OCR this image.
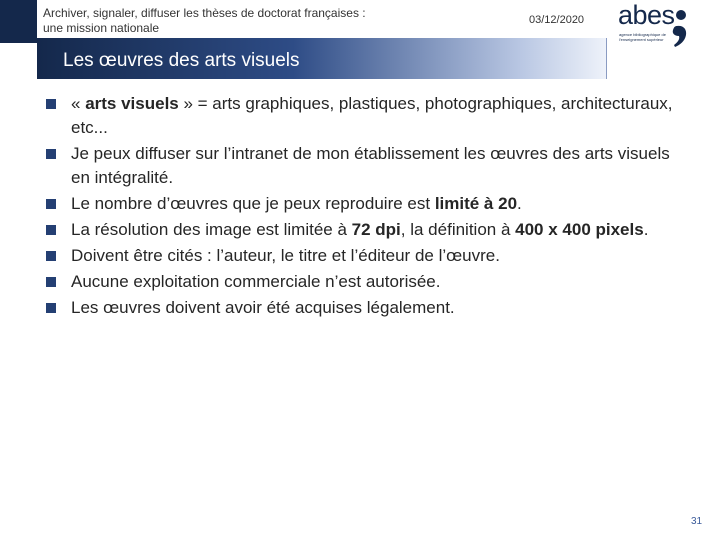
Archiver, signaler, diffuser les thèses de doctorat françaises :
une mission nationale
03/12/2020 abes
agence bibliographique de l'enseignement supérieur
Les œuvres des arts visuels
« arts visuels » = arts graphiques, plastiques, photographiques, architecturaux, etc...
Je peux diffuser sur l’intranet de mon établissement les œuvres des arts visuels en intégralité.
Le nombre d’œuvres que je peux reproduire est limité à 20.
La résolution des image est limitée à 72 dpi, la définition à 400 x 400 pixels.
Doivent être cités : l’auteur, le titre et l’éditeur de l’œuvre.
Aucune exploitation commerciale n’est autorisée.
Les œuvres doivent avoir été acquises légalement.
31
